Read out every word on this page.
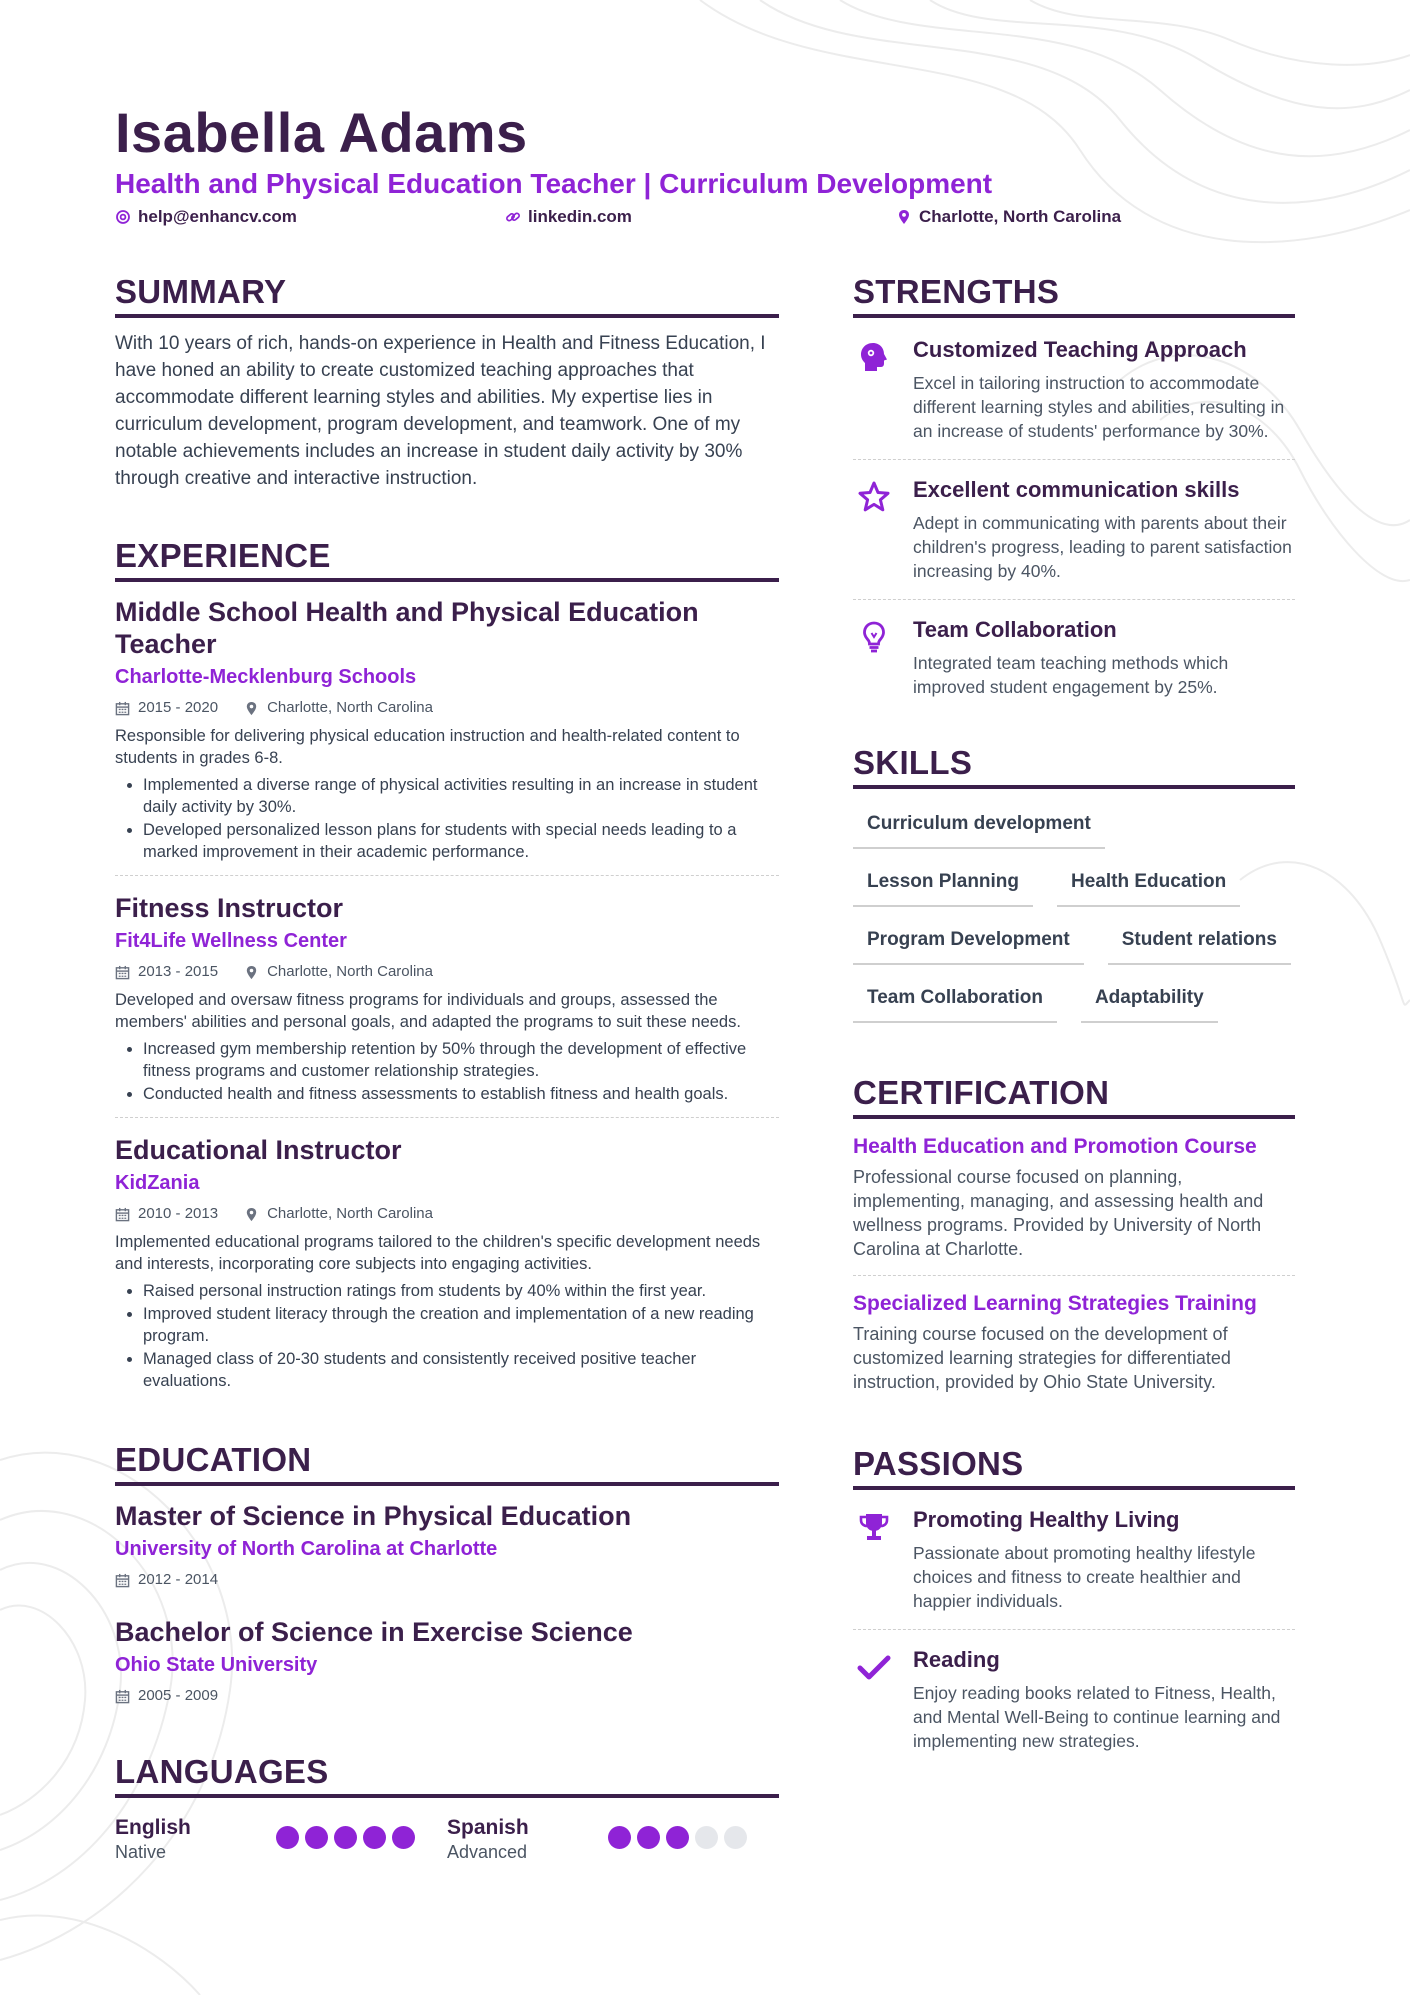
Isabella Adams
Health and Physical Education Teacher | Curriculum Development
help@enhancv.com	linkedin.com	Charlotte, North Carolina
SUMMARY
With 10 years of rich, hands-on experience in Health and Fitness Education, I have honed an ability to create customized teaching approaches that accommodate different learning styles and abilities. My expertise lies in curriculum development, program development, and teamwork. One of my notable achievements includes an increase in student daily activity by 30% through creative and interactive instruction.
EXPERIENCE
Middle School Health and Physical Education Teacher
Charlotte-Mecklenburg Schools
2015 - 2020	Charlotte, North Carolina
Responsible for delivering physical education instruction and health-related content to students in grades 6-8.
• Implemented a diverse range of physical activities resulting in an increase in student daily activity by 30%.
• Developed personalized lesson plans for students with special needs leading to a marked improvement in their academic performance.
Fitness Instructor
Fit4Life Wellness Center
2013 - 2015	Charlotte, North Carolina
Developed and oversaw fitness programs for individuals and groups, assessed the members' abilities and personal goals, and adapted the programs to suit these needs.
• Increased gym membership retention by 50% through the development of effective fitness programs and customer relationship strategies.
• Conducted health and fitness assessments to establish fitness and health goals.
Educational Instructor
KidZania
2010 - 2013	Charlotte, North Carolina
Implemented educational programs tailored to the children's specific development needs and interests, incorporating core subjects into engaging activities.
• Raised personal instruction ratings from students by 40% within the first year.
• Improved student literacy through the creation and implementation of a new reading program.
• Managed class of 20-30 students and consistently received positive teacher evaluations.
EDUCATION
Master of Science in Physical Education
University of North Carolina at Charlotte
2012 - 2014
Bachelor of Science in Exercise Science
Ohio State University
2005 - 2009
LANGUAGES
English
Native
Spanish
Advanced
STRENGTHS
Customized Teaching Approach
Excel in tailoring instruction to accommodate different learning styles and abilities, resulting in an increase of students' performance by 30%.
Excellent communication skills
Adept in communicating with parents about their children's progress, leading to parent satisfaction increasing by 40%.
Team Collaboration
Integrated team teaching methods which improved student engagement by 25%.
SKILLS
Curriculum development
Lesson Planning	Health Education
Program Development	Student relations
Team Collaboration	Adaptability
CERTIFICATION
Health Education and Promotion Course
Professional course focused on planning, implementing, managing, and assessing health and wellness programs. Provided by University of North Carolina at Charlotte.
Specialized Learning Strategies Training
Training course focused on the development of customized learning strategies for differentiated instruction, provided by Ohio State University.
PASSIONS
Promoting Healthy Living
Passionate about promoting healthy lifestyle choices and fitness to create healthier and happier individuals.
Reading
Enjoy reading books related to Fitness, Health, and Mental Well-Being to continue learning and implementing new strategies.
